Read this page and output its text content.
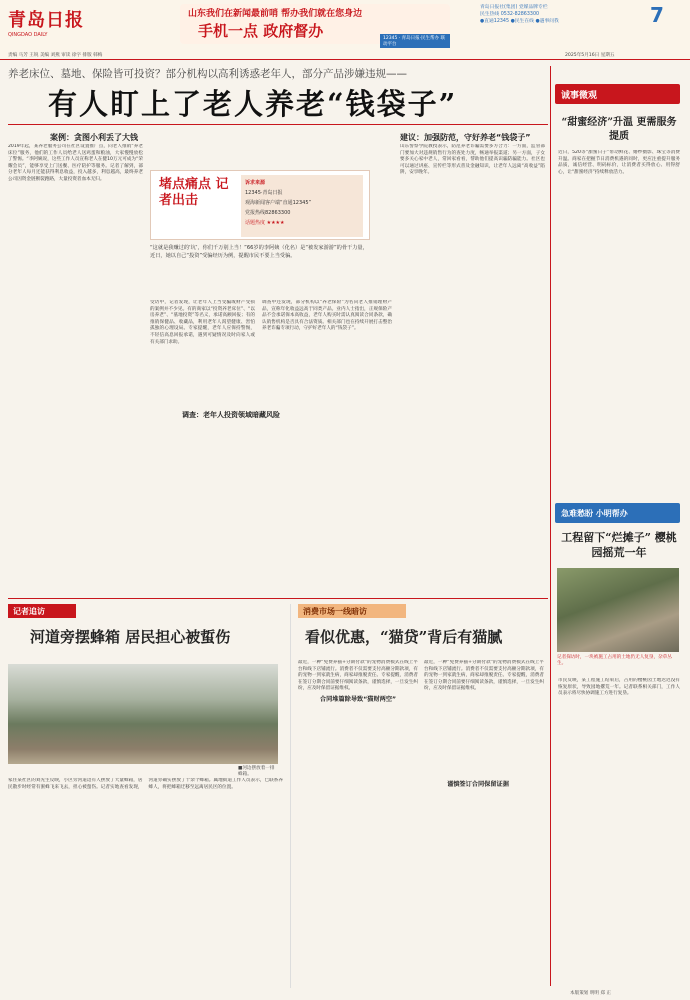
青岛日报
QINGDAO DAILY
山东我们在新闻最前哨 帮办我们就在您身边
手机一点 政府督办	12345 · 青岛日报·民生帮办 联动平台
青岛日报社(集团) 党媒品牌专栏
民生热线 0532-82863300
●直通12345 ●民生在线 ●遇事问我	7
责编 马芳 王锐 美编 刘燕 审读 徐字 排版 韩梅	2025年5月16日 星期五
养老床位、墓地、保险皆可投资？部分机构以高利诱惑老年人，部分产品涉嫌违规——
有人盯上了老人养老“钱袋子”
案例：贪图小利丢了大钱	建议：加强防范，守好养老“钱袋子”
2019年起，某养老服务公司在社区设置推广点，向老人推销“养老床位”服务，他们的工作人员给老人送鸡蛋和粮油，大家慢慢放松了警惕。“李阿姨说，这些工作人员宣称老人在健10万元可成为“荣耀会员”，能够享受上门送餐、医疗陪护等服务。记者了解到，部分老年人每月还能获得利息收益，投入越多，利息越高，最终养老公司因资金链断裂跑路，大量投资者血本无归。	堵点痛点 记者出击
诉求来源
12345·青岛日报
观海新闻客户端“直通12345”
党报热线82863300
话题热度 ★★★★
“这就是我赚过的‘坑’，你们千万别上当！”66岁的李阿姨（化名）是“被发家游游”的骨干力量，近日，她以自己“投资”受骗经历为例，提醒市民不要上当受骗。
受访中，记者发现，让老年人上当受骗或财产受损的案例并不少见。有的商家以“投资养老床位”、“以房养老”、“墓地投资”等名义，承诺高额回报；有的推销保健品、收藏品，利用老年人渴望健康、害怕孤独的心理设局。专家提醒，老年人应保持警惕，不轻信高息回报承诺，遇到可疑情况及时向家人或有关部门求助。
调查：老年人投资领域暗藏风险
调查中还发现，部分机构以“养老保险”为名向老人推销理财产品，宣称年化收益远高于同类产品。业内人士指出，正规保险产品不会承诺保本高收益，老年人购买时需认真阅读合同条款，确认销售机构是否具有合法资质。相关部门也在持续开展打击整治养老诈骗专项行动，守护好老年人的“钱袋子”。
山东警察学院教授表示，防范养老诈骗需要多方合力：一方面，监管部门要加大对违规销售行为的查处力度，畅通举报渠道；另一方面，子女要多关心家中老人，常回家看看，帮助他们提高识骗防骗能力。社区也可以通过讲座、宣传栏等形式普及金融知识，让老年人远离“高收益”陷阱，安享晚年。
诚事微观
“甜蜜经济”升温 更需服务提质
近日，520等“甜蜜日子”带动鲜花、婚纱摄影、珠宝等消费升温。商家在把握节日消费机遇的同时，更应注重提升服务品质，诚信经营、明码标价，让消费者买得放心、用得舒心，让“甜蜜经济”持续释放活力。
急难愁盼 小明帮办
工程留下“烂摊子” 樱桃园摇荒一年
记者探访时，一块被施工占用的土地仍无人复垦，杂草丛生。
市民反映，某工程施工结束后，占用的樱桃园土地迟迟没有恢复原状，导致园地撂荒一年。记者联系相关部门，工作人员表示将尽快协调施工方进行复垦。
记者追访
河道旁摆蜂箱 居民担心被蜇伤
■河边摆放着一排蜂箱。
家住某社区的刘先生反映，小区旁河道边有人摆放了大量蜂箱，居民散步时经常有蜜蜂飞来飞去，担心被蜇伤。记者实地查看发现，河道旁确实摆放了十余个蜂箱。属地街道工作人员表示，已联系养蜂人，将把蜂箱迁移至远离居民区的位置。
消费市场一线暗访
看似优惠，“猫贷”背后有猫腻
最近，一种“免费养猫+分期付款”的宠物消费模式在线上平台和线下店铺流行。消费者不仅需要支付高额分期款项，有的宠物一到家就生病，商家却推脱责任。专家提醒，消费者在签订分期合同前要仔细阅读条款，谨慎选择，一旦发生纠纷，应及时保留证据维权。
合同堆篇除导致“猫财两空”
最近，一种“免费养猫+分期付款”的宠物消费模式在线上平台和线下店铺流行。消费者不仅需要支付高额分期款项，有的宠物一到家就生病，商家却推脱责任。专家提醒，消费者在签订分期合同前要仔细阅读条款，谨慎选择，一旦发生纠纷，应及时保留证据维权。
谨慎签订合同保留证据
本版策划 明明 郑 正
